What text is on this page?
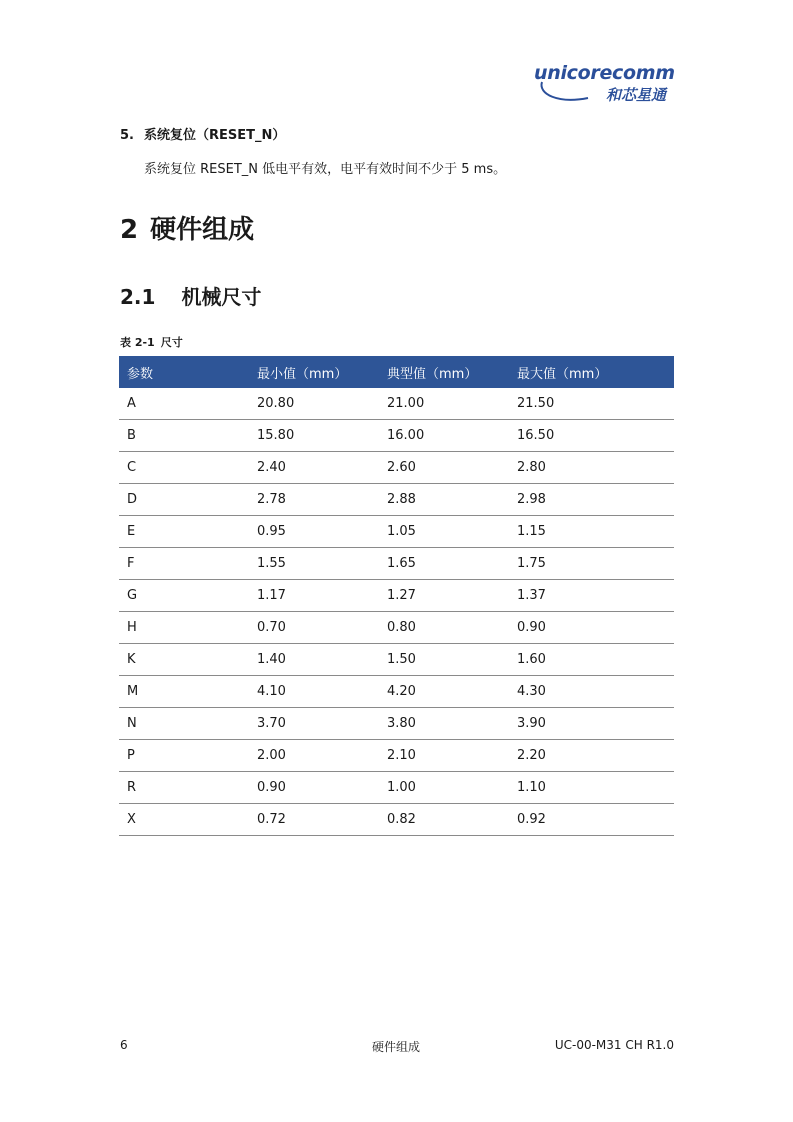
unicorecomm
和芯星通
5. 系统复位（RESET_N）
系统复位 RESET_N 低电平有效，电平有效时间不少于 5 ms。
2 硬件组成
2.1 机械尺寸
表 2-1 尺寸
参数	最小值（mm）	典型值（mm）	最大值（mm）
A	20.80	21.00	21.50
B	15.80	16.00	16.50
C	2.40	2.60	2.80
D	2.78	2.88	2.98
E	0.95	1.05	1.15
F	1.55	1.65	1.75
G	1.17	1.27	1.37
H	0.70	0.80	0.90
K	1.40	1.50	1.60
M	4.10	4.20	4.30
N	3.70	3.80	3.90
P	2.00	2.10	2.20
R	0.90	1.00	1.10
X	0.72	0.82	0.92
6	硬件组成	UC-00-M31 CH R1.0
